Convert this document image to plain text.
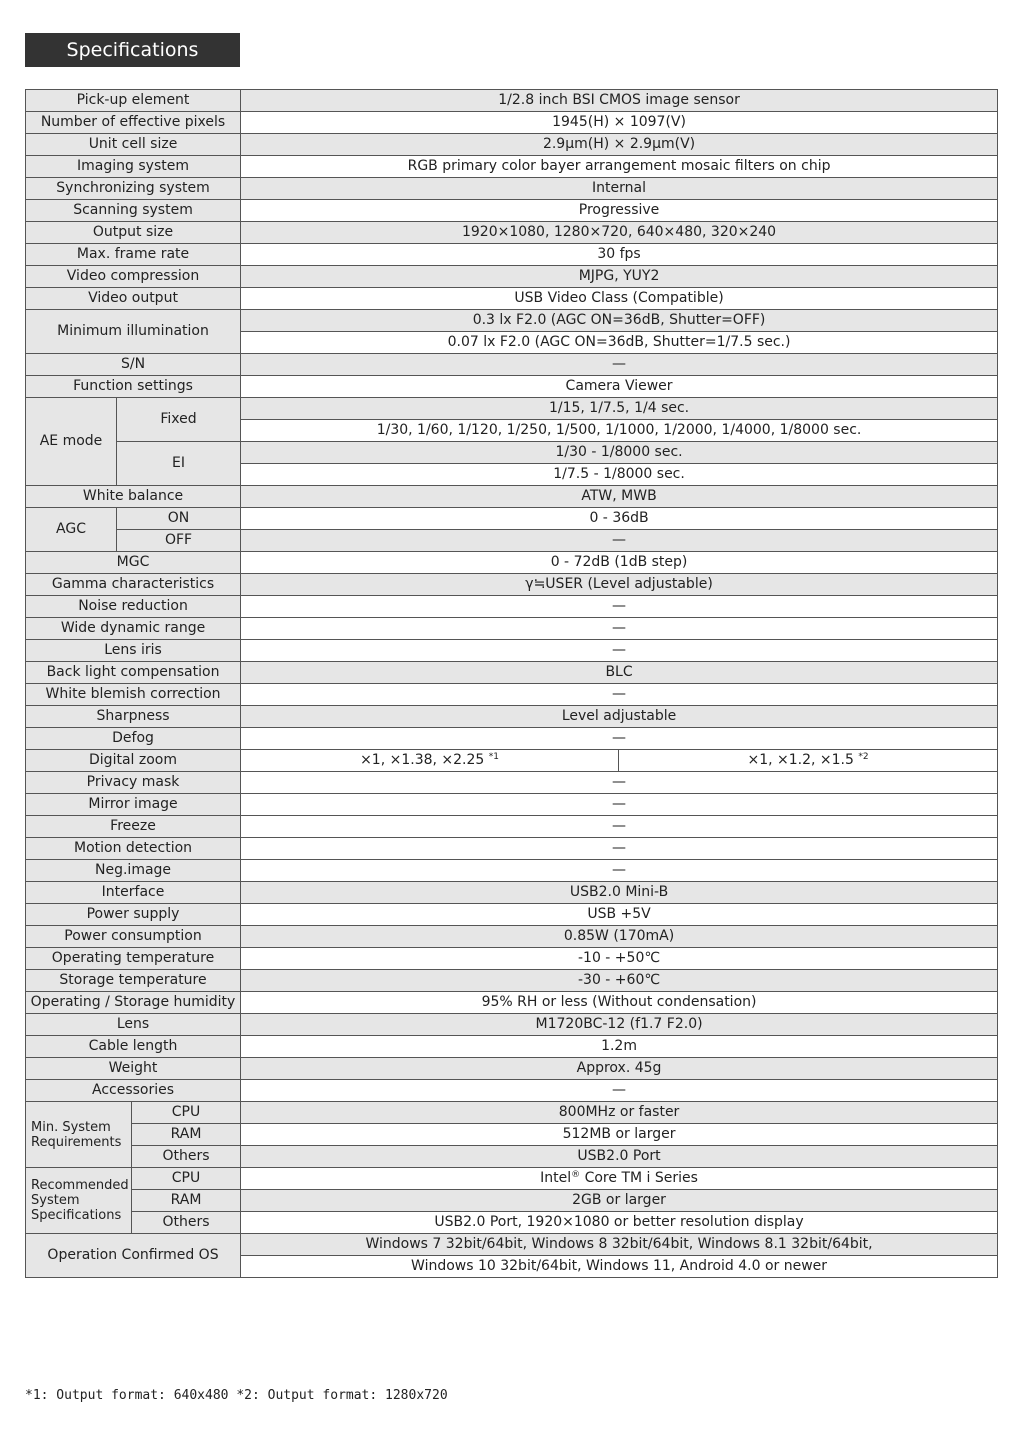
Specifications
Pick-up element			1/2.8 inch BSI CMOS image sensor	
Number of effective pixels			1945(H) × 1097(V)	
Unit cell size			2.9μm(H) × 2.9μm(V)	
Imaging system			RGB primary color bayer arrangement mosaic filters on chip	
Synchronizing system			Internal	
Scanning system			Progressive	
Output size			1920×1080, 1280×720, 640×480, 320×240	
Max. frame rate			30 fps	
Video compression			MJPG, YUY2	
Video output			USB Video Class (Compatible)	
Minimum illumination			0.3 lx F2.0 (AGC ON=36dB, Shutter=OFF)	
			0.07 lx F2.0 (AGC ON=36dB, Shutter=1/7.5 sec.)	
S/N			—	
Function settings			Camera Viewer	
AE mode	Fixed		1/15, 1/7.5, 1/4 sec.	
			1/30, 1/60, 1/120, 1/250, 1/500, 1/1000, 1/2000, 1/4000, 1/8000 sec.	
	EI		1/30 - 1/8000 sec.	
			1/7.5 - 1/8000 sec.	
White balance			ATW, MWB	
AGC	ON		0 - 36dB	
	OFF		—	
MGC			0 - 72dB (1dB step)	
Gamma characteristics			γ≒USER (Level adjustable)	
Noise reduction			—	
Wide dynamic range			—	
Lens iris			—	
Back light compensation			BLC	
White blemish correction			—	
Sharpness			Level adjustable	
Defog			—	
Digital zoom			×1, ×1.38, ×2.25 $^{*1}$	×1, ×1.2, ×1.5 $^{*2}$
Privacy mask			—	
Mirror image			—	
Freeze			—	
Motion detection			—	
Neg.image			—	
Interface			USB2.0 Mini-B	
Power supply			USB +5V	
Power consumption			0.85W (170mA)	
Operating temperature			-10 - +50℃	
Storage temperature			-30 - +60℃	
Operating / Storage humidity			95% RH or less (Without condensation)	
Lens			M1720BC-12 (f1.7 F2.0)	
Cable length			1.2m	
Weight			Approx. 45g	
Accessories			—	
Min. System Requirements		CPU	800MHz or faster	
		RAM	512MB or larger	
		Others	USB2.0 Port	
Recommended System Specifications		CPU	Intel® Core TM i Series	
		RAM	2GB or larger	
		Others	USB2.0 Port, 1920×1080 or better resolution display	
Operation Confirmed OS			Windows 7 32bit/64bit, Windows 8 32bit/64bit, Windows 8.1 32bit/64bit,	
			Windows 10 32bit/64bit, Windows 11, Android 4.0 or newer	
*1: Output format: 640x480 *2: Output format: 1280x720
